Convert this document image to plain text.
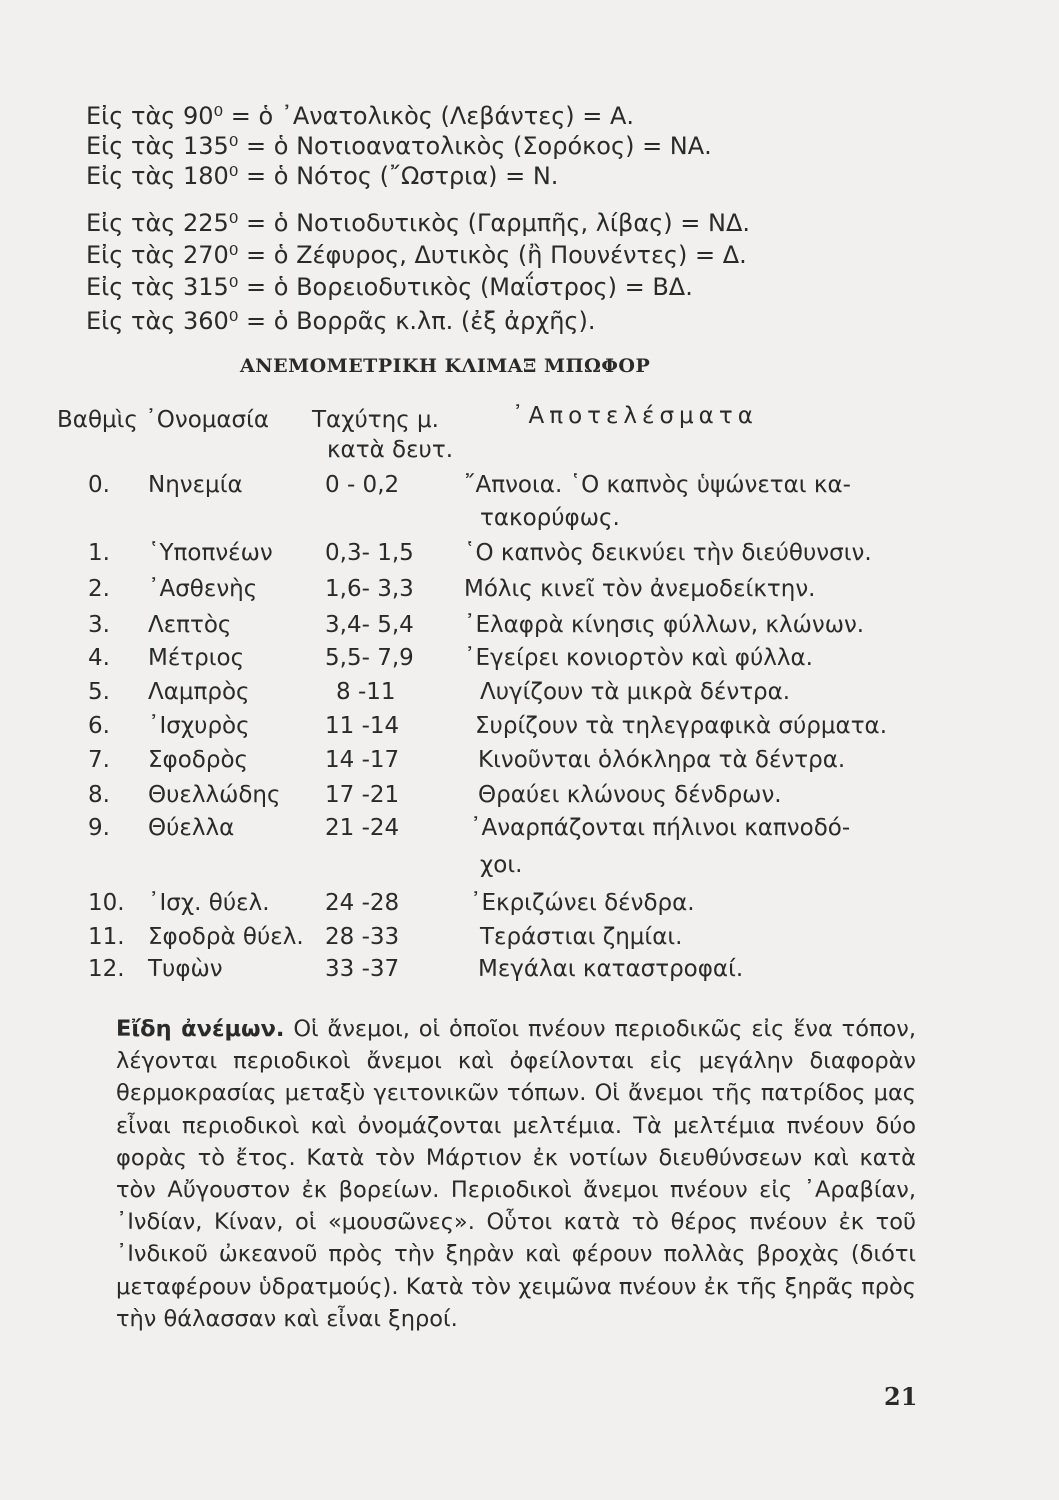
Εἰς τὰς 90⁰ = ὁ ᾿Ανατολικὸς (Λεβάντες) = Α.
Εἰς τὰς 135⁰ = ὁ Νοτιοανατολικὸς (Σορόκος) = ΝΑ.
Εἰς τὰς 180⁰ = ὁ Νότος (῎Ωστρια) = Ν.
Εἰς τὰς 225⁰ = ὁ Νοτιοδυτικὸς (Γαρμπῆς, λίβας) = ΝΔ.
Εἰς τὰς 270⁰ = ὁ Ζέφυρος, Δυτικὸς (ἢ Πουνέντες) = Δ.
Εἰς τὰς 315⁰ = ὁ Βορειοδυτικὸς (Μαΐστρος) = ΒΔ.
Εἰς τὰς 360⁰ = ὁ Βορρᾶς κ.λπ. (ἐξ ἀρχῆς).
ΑΝΕΜΟΜΕΤΡΙΚΗ ΚΛΙΜΑΞ ΜΠΩΦΟΡ
Βαθμὶς ᾿Ονομασία Ταχύτης μ.
κατὰ δευτ.
᾿Αποτελέσματα
0. Νηνεμία	0 - 0,2	῎Απνοια. ῾Ο καπνὸς ὑψώνεται κα-
τακορύφως.
1. ῾Υποπνέων 0,3- 1,5 ῾Ο καπνὸς δεικνύει τὴν διεύθυνσιν.
2. ᾿Ασθενὴς	1,6- 3,3 Μόλις κινεῖ τὸν ἀνεμοδείκτην.
3. Λεπτὸς	3,4- 5,4 ᾿Ελαφρὰ κίνησις φύλλων, κλώνων.
4. Μέτριος	5,5- 7,9 ᾿Εγείρει κονιορτὸν καὶ φύλλα.
5. Λαμπρὸς	8 -11	Λυγίζουν τὰ μικρὰ δέντρα.
6. ᾿Ισχυρὸς	11 -14	Συρίζουν τὰ τηλεγραφικὰ σύρματα.
7. Σφοδρὸς	14 -17	Κινοῦνται ὁλόκληρα τὰ δέντρα.
8. Θυελλώδης 17 -21	Θραύει κλώνους δένδρων.
9. Θύελλα	21 -24	᾿Αναρπάζονται πήλινοι καπνοδό-
χοι.
10. ᾿Ισχ. θύελ. 24 -28	᾿Εκριζώνει δένδρα.
11. Σφοδρὰ θύελ. 28 -33	Τεράστιαι ζημίαι.
12. Τυφὼν	33 -37	Μεγάλαι καταστροφαί.
Εἴδη ἀνέμων. Οἱ ἄνεμοι, οἱ ὁποῖοι πνέουν περιοδικῶς εἰς ἕνα τόπον, λέγονται περιοδικοὶ ἄνεμοι καὶ ὀφείλονται εἰς μεγάλην διαφορὰν θερμοκρασίας μεταξὺ γειτονικῶν τόπων. Οἱ ἄνεμοι τῆς πατρίδος μας εἶναι περιοδικοὶ καὶ ὀνομάζονται μελτέμια. Τὰ μελτέμια πνέουν δύο φορὰς τὸ ἔτος. Κατὰ τὸν Μάρτιον ἐκ νοτίων διευθύνσεων καὶ κατὰ τὸν Αὔγουστον ἐκ βορείων. Περιοδικοὶ ἄνεμοι πνέουν εἰς ᾿Αραβίαν, ᾿Ινδίαν, Κίναν, οἱ «μουσῶνες». Οὗτοι κατὰ τὸ θέρος πνέουν ἐκ τοῦ ᾿Ινδικοῦ ὠκεανοῦ πρὸς τὴν ξηρὰν καὶ φέρουν πολλὰς βροχὰς (διότι μεταφέρουν ὑδρατμούς). Κατὰ τὸν χειμῶνα πνέουν ἐκ τῆς ξηρᾶς πρὸς τὴν θάλασσαν καὶ εἶναι ξηροί.
21
